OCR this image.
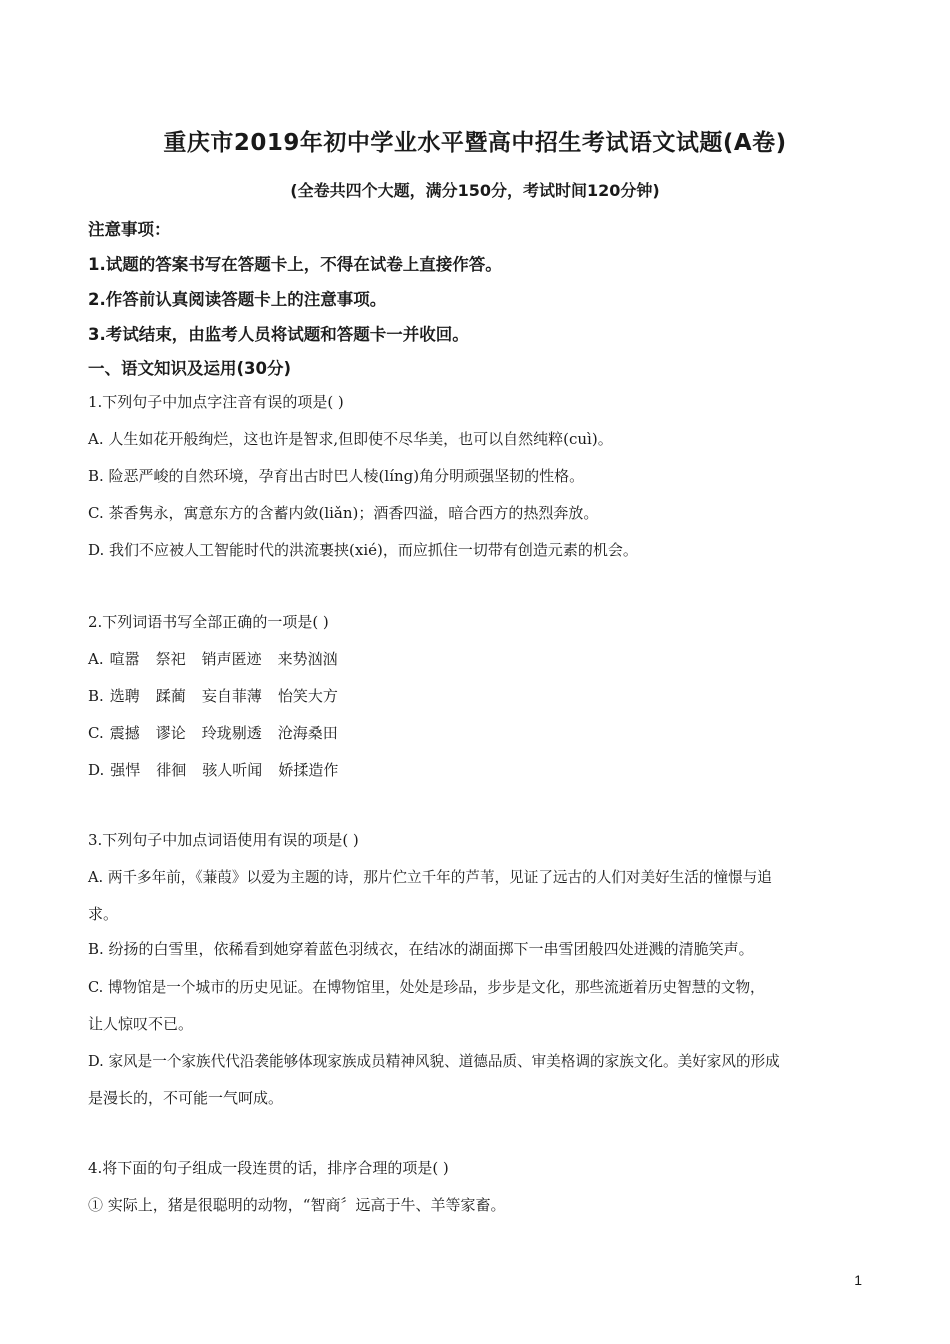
重庆市2019年初中学业水平暨高中招生考试语文试题(A卷)
(全卷共四个大题，满分150分，考试时间120分钟)
注意事项：
1.试题的答案书写在答题卡上，不得在试卷上直接作答。
2.作答前认真阅读答题卡上的注意事项。
3.考试结束，由监考人员将试题和答题卡一并收回。
一、语文知识及运用(30分)
1.下列句子中加点字注音有误的项是( )
A. 人生如花开般绚烂，这也许是智求,但即使不尽华美，也可以自然纯粹(cuì)。
B. 险恶严峻的自然环境，孕育出古时巴人棱(líng)角分明顽强坚韧的性格。
C. 茶香隽永，寓意东方的含蓄内敛(liǎn)；酒香四溢，暗合西方的热烈奔放。
D. 我们不应被人工智能时代的洪流裹挟(xié)，而应抓住一切带有创造元素的机会。
2.下列词语书写全部正确的一项是( )
A. 喧嚣 祭祀 销声匿迹 来势汹汹
B. 选聘 蹂蔺 妄自菲薄 怡笑大方
C. 震撼 谬论 玲珑剔透 沧海桑田
D. 强悍 徘徊 骇人听闻 娇揉造作
3.下列句子中加点词语使用有误的项是( )
A. 两千多年前，《蒹葭》以爱为主题的诗，那片伫立千年的芦苇，见证了远古的人们对美好生活的憧憬与追
求。
B. 纷扬的白雪里，依稀看到她穿着蓝色羽绒衣，在结冰的湖面掷下一串雪团般四处迸溅的清脆笑声。
C. 博物馆是一个城市的历史见证。在博物馆里，处处是珍品，步步是文化，那些流逝着历史智慧的文物，
让人惊叹不已。
D. 家风是一个家族代代沿袭能够体现家族成员精神风貌、道德品质、审美格调的家族文化。美好家风的形成
是漫长的，不可能一气呵成。
4.将下面的句子组成一段连贯的话，排序合理的项是( )
① 实际上，猪是很聪明的动物，“智商〞远高于牛、羊等家畜。
1
